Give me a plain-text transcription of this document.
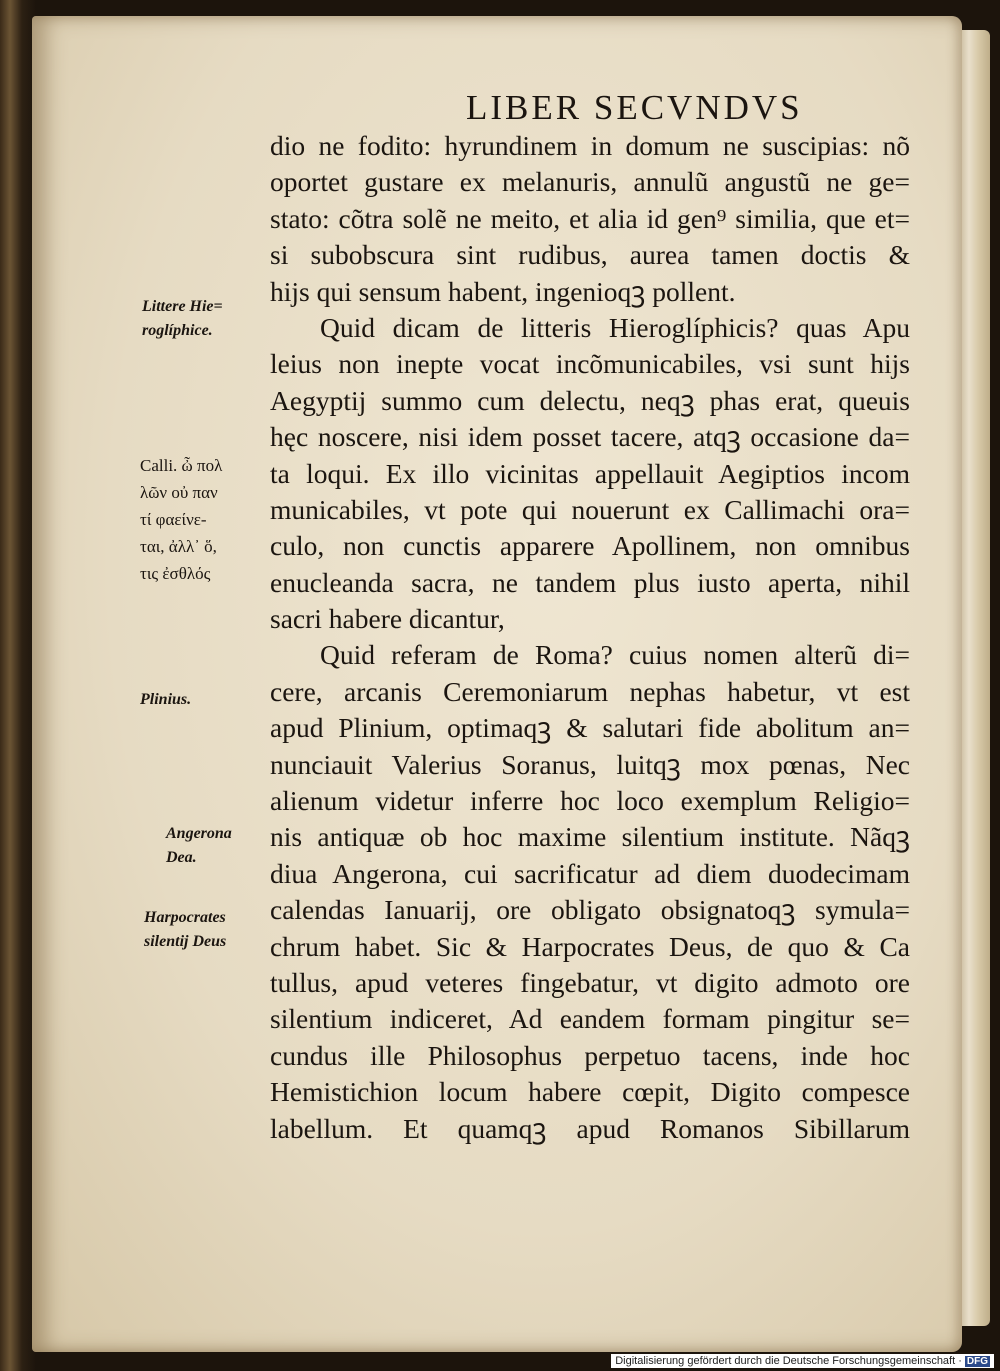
LIBER SECVNDVS
dio ne fodito: hyrundinem in domum ne suscipias: nõ
oportet gustare ex melanuris, annulũ angustũ ne ge=
stato: cõtra solẽ ne meito, et alia id gen⁹ similia, que et=
si subobscura sint rudibus, aurea tamen doctis &
hijs qui sensum habent, ingenioqꝫ pollent.
Quid dicam de litteris Hieroglíphicis? quas Apu
leius non inepte vocat incõmunicabiles, vsi sunt hijs
Aegyptij summo cum delectu, neqꝫ phas erat, queuis
hęc noscere, nisi idem posset tacere, atqꝫ occasione da=
ta loqui. Ex illo vicinitas appellauit Aegiptios incom
municabiles, vt pote qui nouerunt ex Callimachi ora=
culo, non cunctis apparere Apollinem, non omnibus
enucleanda sacra, ne tandem plus iusto aperta, nihil
sacri habere dicantur,
Quid referam de Roma? cuius nomen alterũ di=
cere, arcanis Ceremoniarum nephas habetur, vt est
apud Plinium, optimaqꝫ & salutari fide abolitum an=
nunciauit Valerius Soranus, luitqꝫ mox pœnas, Nec
alienum videtur inferre hoc loco exemplum Religio=
nis antiquæ ob hoc maxime silentium institute. Nãqꝫ
diua Angerona, cui sacrificatur ad diem duodecimam
calendas Ianuarij, ore obligato obsignatoqꝫ symula=
chrum habet. Sic & Harpocrates Deus, de quo & Ca
tullus, apud veteres fingebatur, vt digito admoto ore
silentium indiceret, Ad eandem formam pingitur se=
cundus ille Philosophus perpetuo tacens, inde hoc
Hemistichion locum habere cœpit, Digito compesce
labellum. Et quamqꝫ apud Romanos Sibillarum
Littere Hie=
roglíphice.
Calli. ὦ πολ
λῶν οὐ παν
τί φαείνε-
ται, ἀλλ᾽ ὅ,
τις ἐσθλός
Plinius.
Angerona
Dea.
Harpocrates
silentij Deus

Digitalisierung gefördert durch die Deutsche Forschungsgemeinschaft · DFG
